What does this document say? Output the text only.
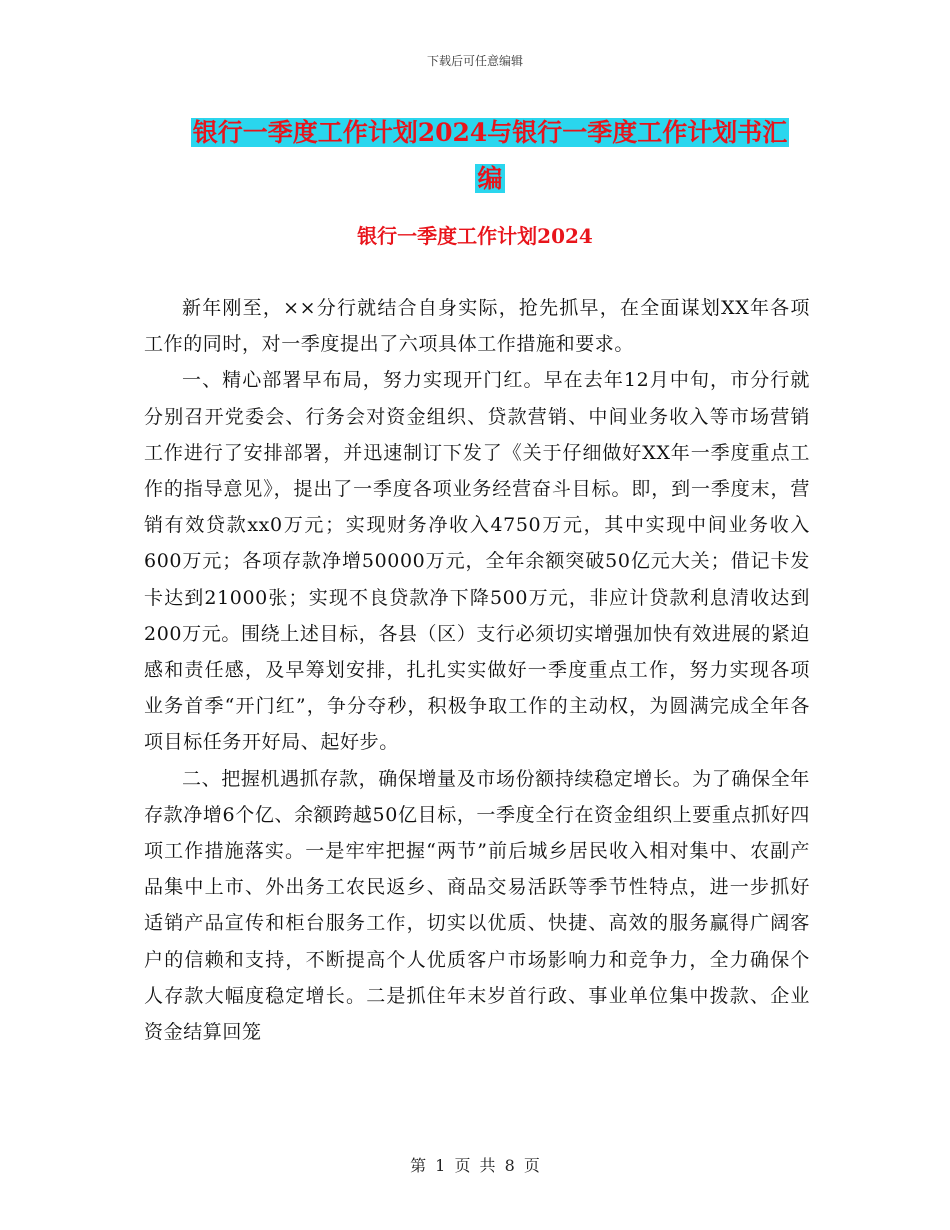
下载后可任意编辑
银行一季度工作计划2024与银行一季度工作计划书汇
编
银行一季度工作计划2024

新年刚至，××分行就结合自身实际，抢先抓早，在全面谋划XX年各项工作的同时，对一季度提出了六项具体工作措施和要求。

一、精心部署早布局，努力实现开门红。早在去年12月中旬，市分行就分别召开党委会、行务会对资金组织、贷款营销、中间业务收入等市场营销工作进行了安排部署，并迅速制订下发了《关于仔细做好XX年一季度重点工作的指导意见》，提出了一季度各项业务经营奋斗目标。即，到一季度末，营销有效贷款xx0万元；实现财务净收入4750万元，其中实现中间业务收入600万元；各项存款净增50000万元，全年余额突破50亿元大关；借记卡发卡达到21000张；实现不良贷款净下降500万元，非应计贷款利息清收达到200万元。围绕上述目标，各县（区）支行必须切实增强加快有效进展的紧迫感和责任感，及早筹划安排，扎扎实实做好一季度重点工作，努力实现各项业务首季“开门红”，争分夺秒，积极争取工作的主动权，为圆满完成全年各项目标任务开好局、起好步。

二、把握机遇抓存款，确保增量及市场份额持续稳定增长。为了确保全年存款净增6个亿、余额跨越50亿目标，一季度全行在资金组织上要重点抓好四项工作措施落实。一是牢牢把握“两节”前后城乡居民收入相对集中、农副产品集中上市、外出务工农民返乡、商品交易活跃等季节性特点，进一步抓好适销产品宣传和柜台服务工作，切实以优质、快捷、高效的服务赢得广阔客户的信赖和支持，不断提高个人优质客户市场影响力和竞争力，全力确保个人存款大幅度稳定增长。二是抓住年末岁首行政、事业单位集中拨款、企业资金结算回笼

第 1 页 共 8 页
